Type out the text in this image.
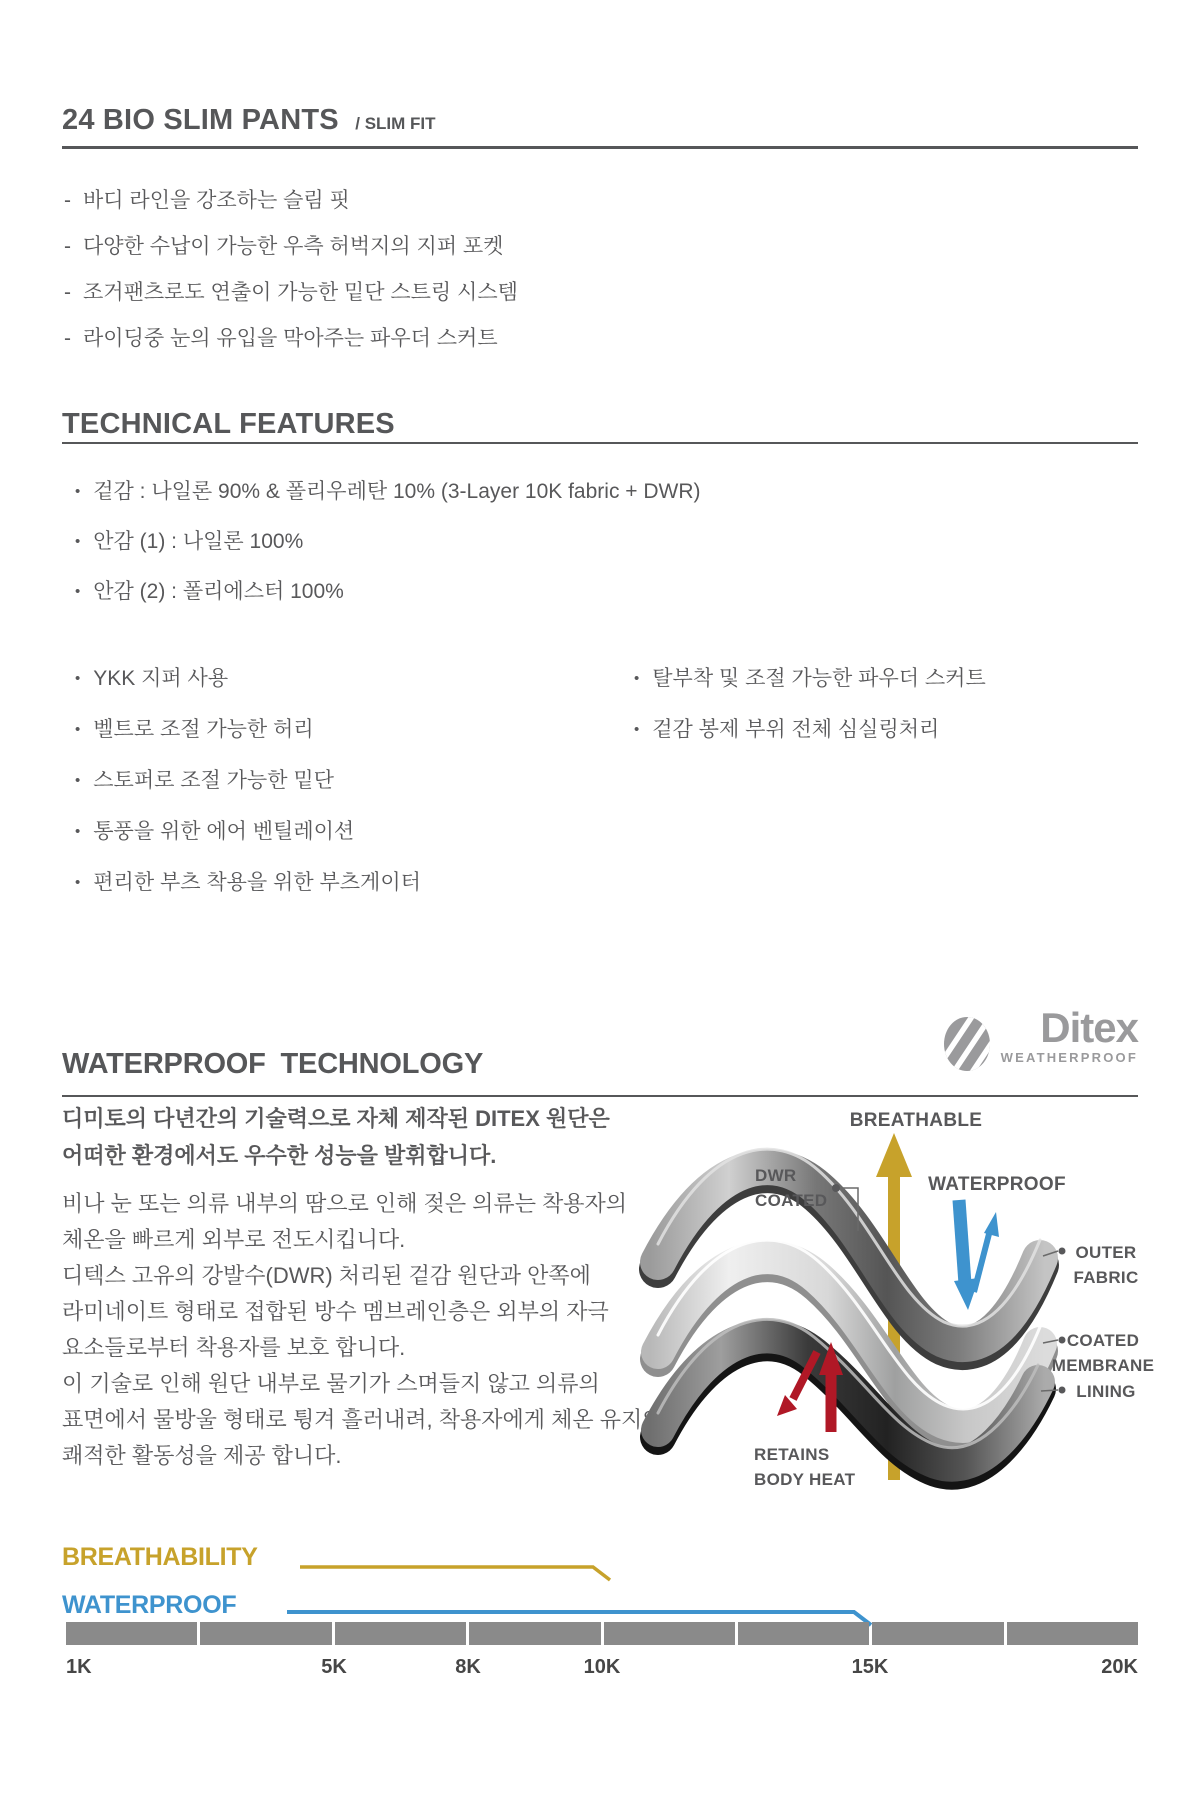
24 BIO SLIM PANTS / SLIM FIT
- 바디 라인을 강조하는 슬림 핏
- 다양한 수납이 가능한 우측 허벅지의 지퍼 포켓
- 조거팬츠로도 연출이 가능한 밑단 스트링 시스템
- 라이딩중 눈의 유입을 막아주는 파우더 스커트
TECHNICAL FEATURES
• 겉감 : 나일론 90% & 폴리우레탄 10% (3-Layer 10K fabric + DWR)
• 안감 (1) : 나일론 100%
• 안감 (2) : 폴리에스터 100%
• YKK 지퍼 사용
• 벨트로 조절 가능한 허리
• 스토퍼로 조절 가능한 밑단
• 통풍을 위한 에어 벤틸레이션
• 편리한 부츠 착용을 위한 부츠게이터
• 탈부착 및 조절 가능한 파우더 스커트
• 겉감 봉제 부위 전체 심실링처리
WATERPROOF TECHNOLOGY
Ditex
WEATHERPROOF
디미토의 다년간의 기술력으로 자체 제작된 DITEX 원단은
어떠한 환경에서도 우수한 성능을 발휘합니다.
비나 눈 또는 의류 내부의 땀으로 인해 젖은 의류는 착용자의
체온을 빠르게 외부로 전도시킵니다.
디텍스 고유의 강발수(DWR) 처리된 겉감 원단과 안쪽에
라미네이트 형태로 접합된 방수 멤브레인층은 외부의 자극
요소들로부터 착용자를 보호 합니다.
이 기술로 인해 원단 내부로 물기가 스며들지 않고 의류의
표면에서 물방울 형태로 튕겨 흘러내려, 착용자에게 체온 유지와
쾌적한 활동성을 제공 합니다.
BREATHABLE
DWR
COATED
WATERPROOF
OUTER
FABRIC
COATED
MEMBRANE
LINING
RETAINS
BODY HEAT
BREATHABILITY
WATERPROOF
1K	5K	8K	10K	15K	20K
